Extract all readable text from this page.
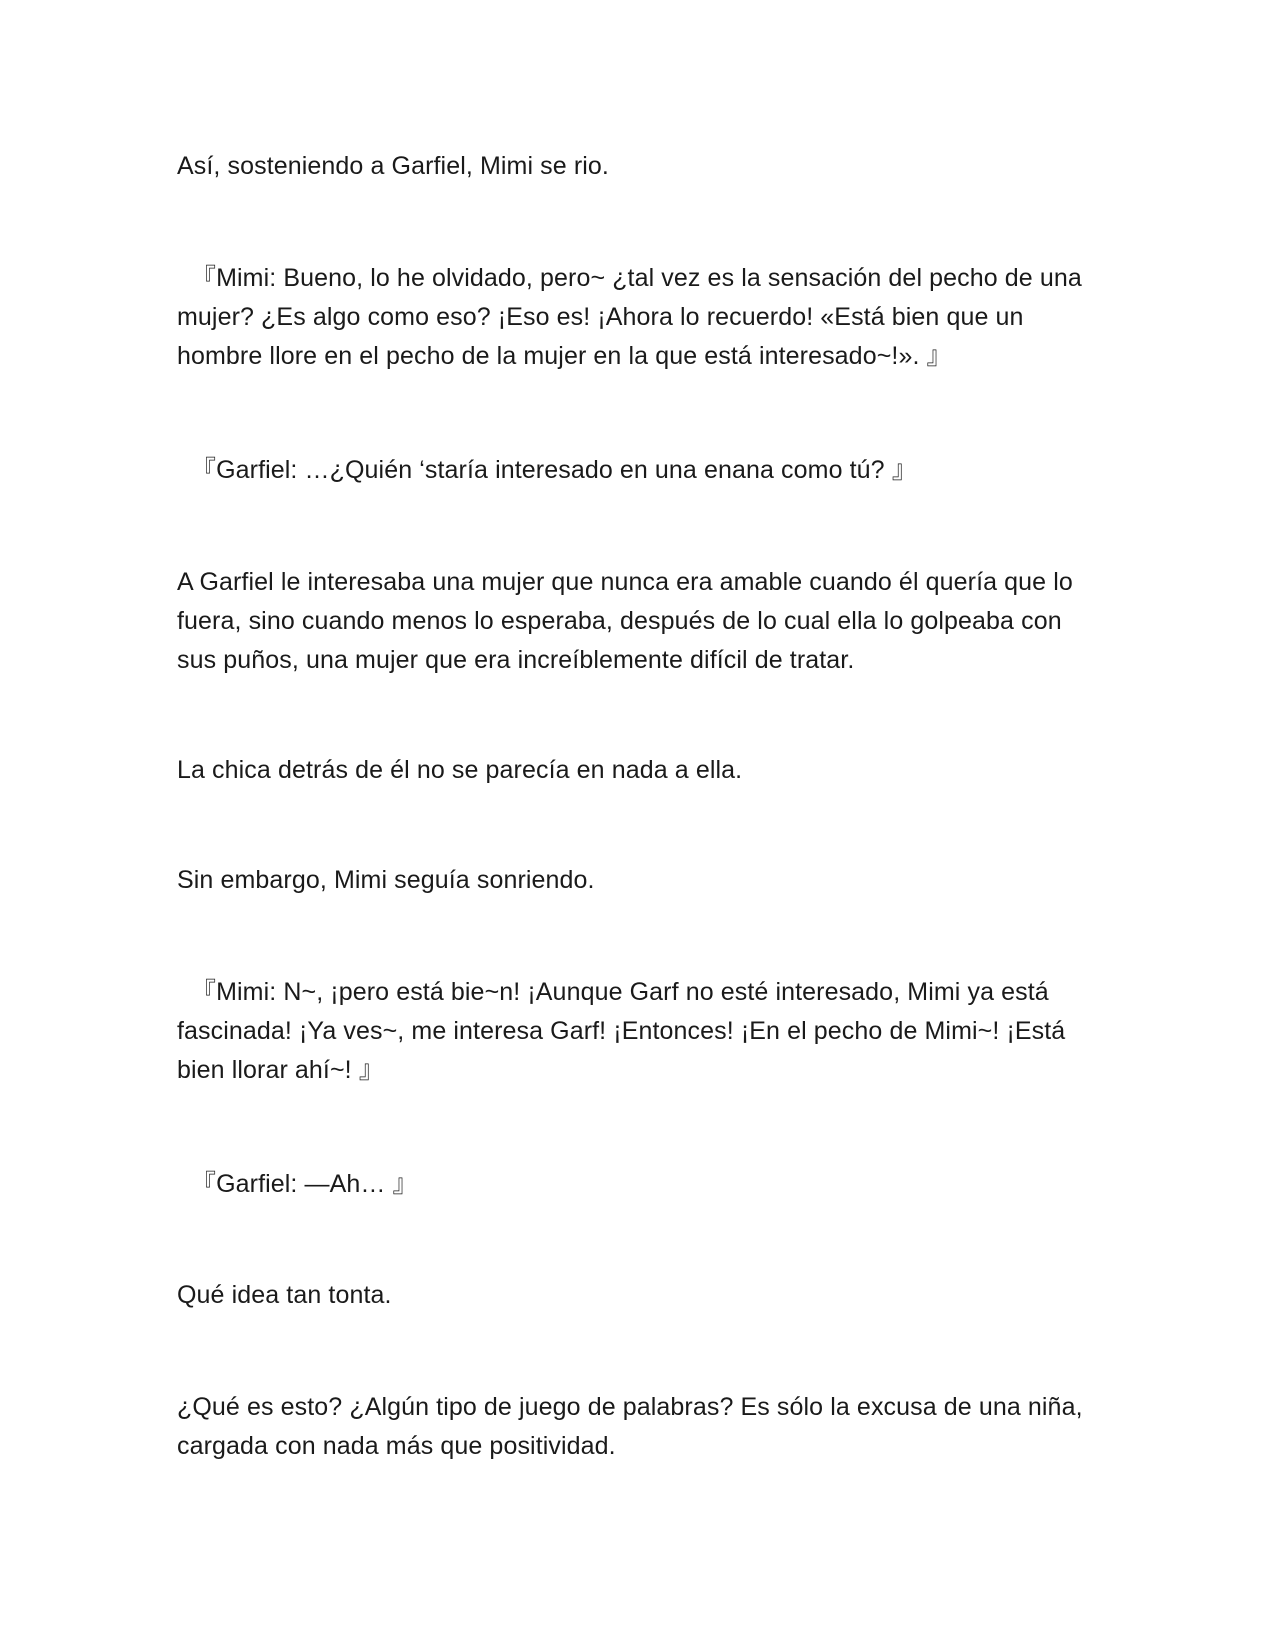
Así, sosteniendo a Garfiel, Mimi se rio.

『Mimi: Bueno, lo he olvidado, pero~ ¿tal vez es la sensación del pecho de una mujer? ¿Es algo como eso? ¡Eso es! ¡Ahora lo recuerdo! «Está bien que un hombre llore en el pecho de la mujer en la que está interesado~!». 』

『Garfiel: …¿Quién ‘staría interesado en una enana como tú? 』

A Garfiel le interesaba una mujer que nunca era amable cuando él quería que lo fuera, sino cuando menos lo esperaba, después de lo cual ella lo golpeaba con sus puños, una mujer que era increíblemente difícil de tratar.

La chica detrás de él no se parecía en nada a ella.

Sin embargo, Mimi seguía sonriendo.

『Mimi: N~, ¡pero está bie~n! ¡Aunque Garf no esté interesado, Mimi ya está fascinada! ¡Ya ves~, me interesa Garf! ¡Entonces! ¡En el pecho de Mimi~! ¡Está bien llorar ahí~! 』

『Garfiel: —Ah… 』

Qué idea tan tonta.

¿Qué es esto? ¿Algún tipo de juego de palabras? Es sólo la excusa de una niña, cargada con nada más que positividad.
